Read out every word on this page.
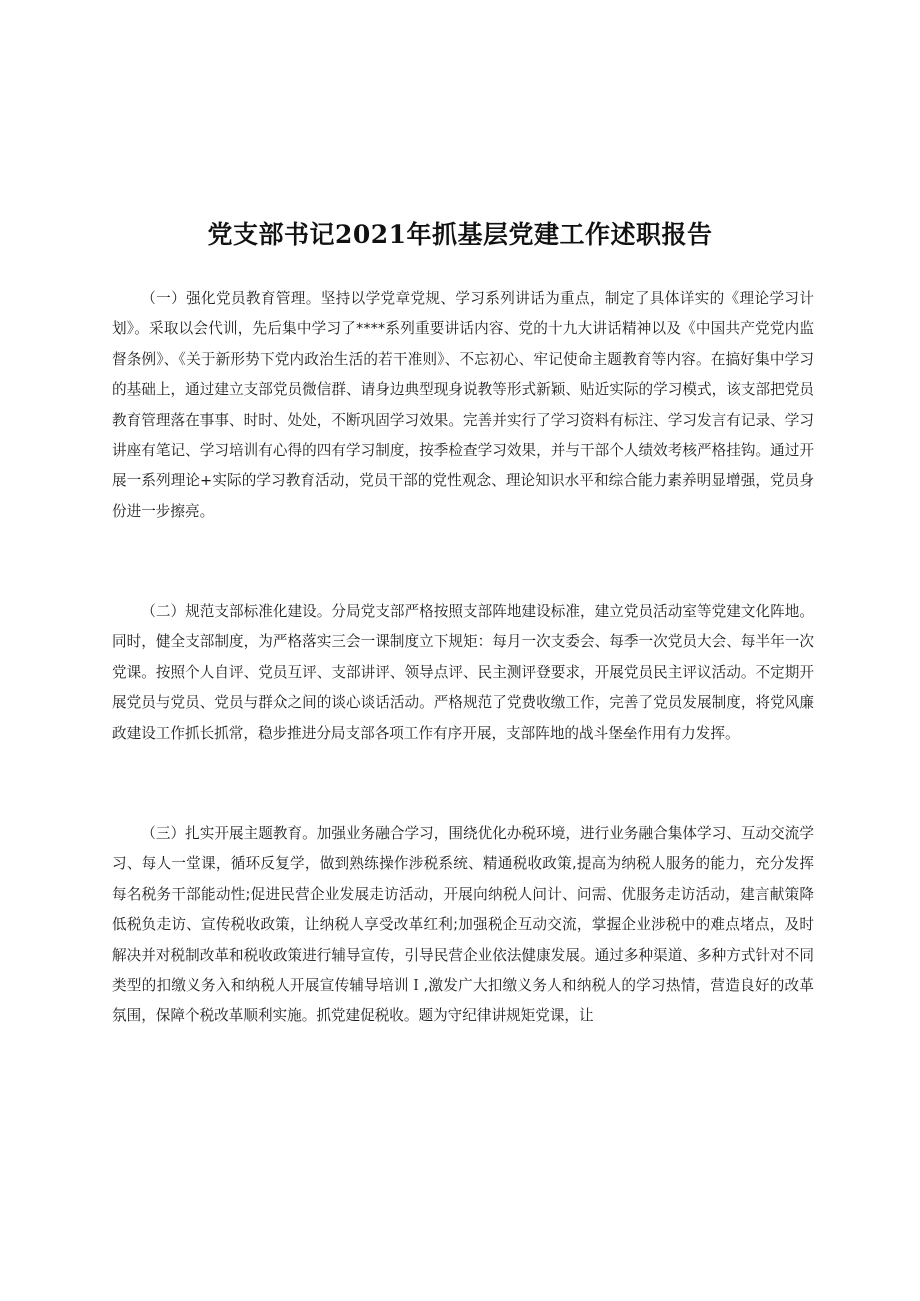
党支部书记2021年抓基层党建工作述职报告

（一）强化党员教育管理。坚持以学党章党规、学习系列讲话为重点，制定了具体详实的《理论学习计划》。采取以会代训，先后集中学习了****系列重要讲话内容、党的十九大讲话精神以及《中国共产党党内监督条例》、《关于新形势下党内政治生活的若干准则》、不忘初心、牢记使命主题教育等内容。在搞好集中学习的基础上，通过建立支部党员微信群、请身边典型现身说教等形式新颖、贴近实际的学习模式，该支部把党员教育管理落在事事、时时、处处，不断巩固学习效果。完善并实行了学习资料有标注、学习发言有记录、学习讲座有笔记、学习培训有心得的四有学习制度，按季检查学习效果，并与干部个人绩效考核严格挂钩。通过开展一系列理论+实际的学习教育活动，党员干部的党性观念、理论知识水平和综合能力素养明显增强，党员身份进一步擦亮。

（二）规范支部标准化建设。分局党支部严格按照支部阵地建设标准，建立党员活动室等党建文化阵地。同时，健全支部制度，为严格落实三会一课制度立下规矩：每月一次支委会、每季一次党员大会、每半年一次党课。按照个人自评、党员互评、支部讲评、领导点评、民主测评登要求，开展党员民主评议活动。不定期开展党员与党员、党员与群众之间的谈心谈话活动。严格规范了党费收缴工作，完善了党员发展制度，将党风廉政建设工作抓长抓常，稳步推进分局支部各项工作有序开展，支部阵地的战斗堡垒作用有力发挥。

（三）扎实开展主题教育。加强业务融合学习，围绕优化办税环境，进行业务融合集体学习、互动交流学习、每人一堂课，循环反复学，做到熟练操作涉税系统、精通税收政策,提高为纳税人服务的能力，充分发挥每名税务干部能动性;促进民营企业发展走访活动，开展向纳税人问计、问需、优服务走访活动，建言献策降低税负走访、宣传税收政策，让纳税人享受改革红利;加强税企互动交流，掌握企业涉税中的难点堵点，及时解决并对税制改革和税收政策进行辅导宣传，引导民营企业依法健康发展。通过多种渠道、多种方式针对不同类型的扣缴义务入和纳税人开展宣传辅导培训Ｉ,激发广大扣缴义务人和纳税人的学习热情，营造良好的改革氛围，保障个税改革顺利实施。抓党建促税收。题为守纪律讲规矩党课，让
